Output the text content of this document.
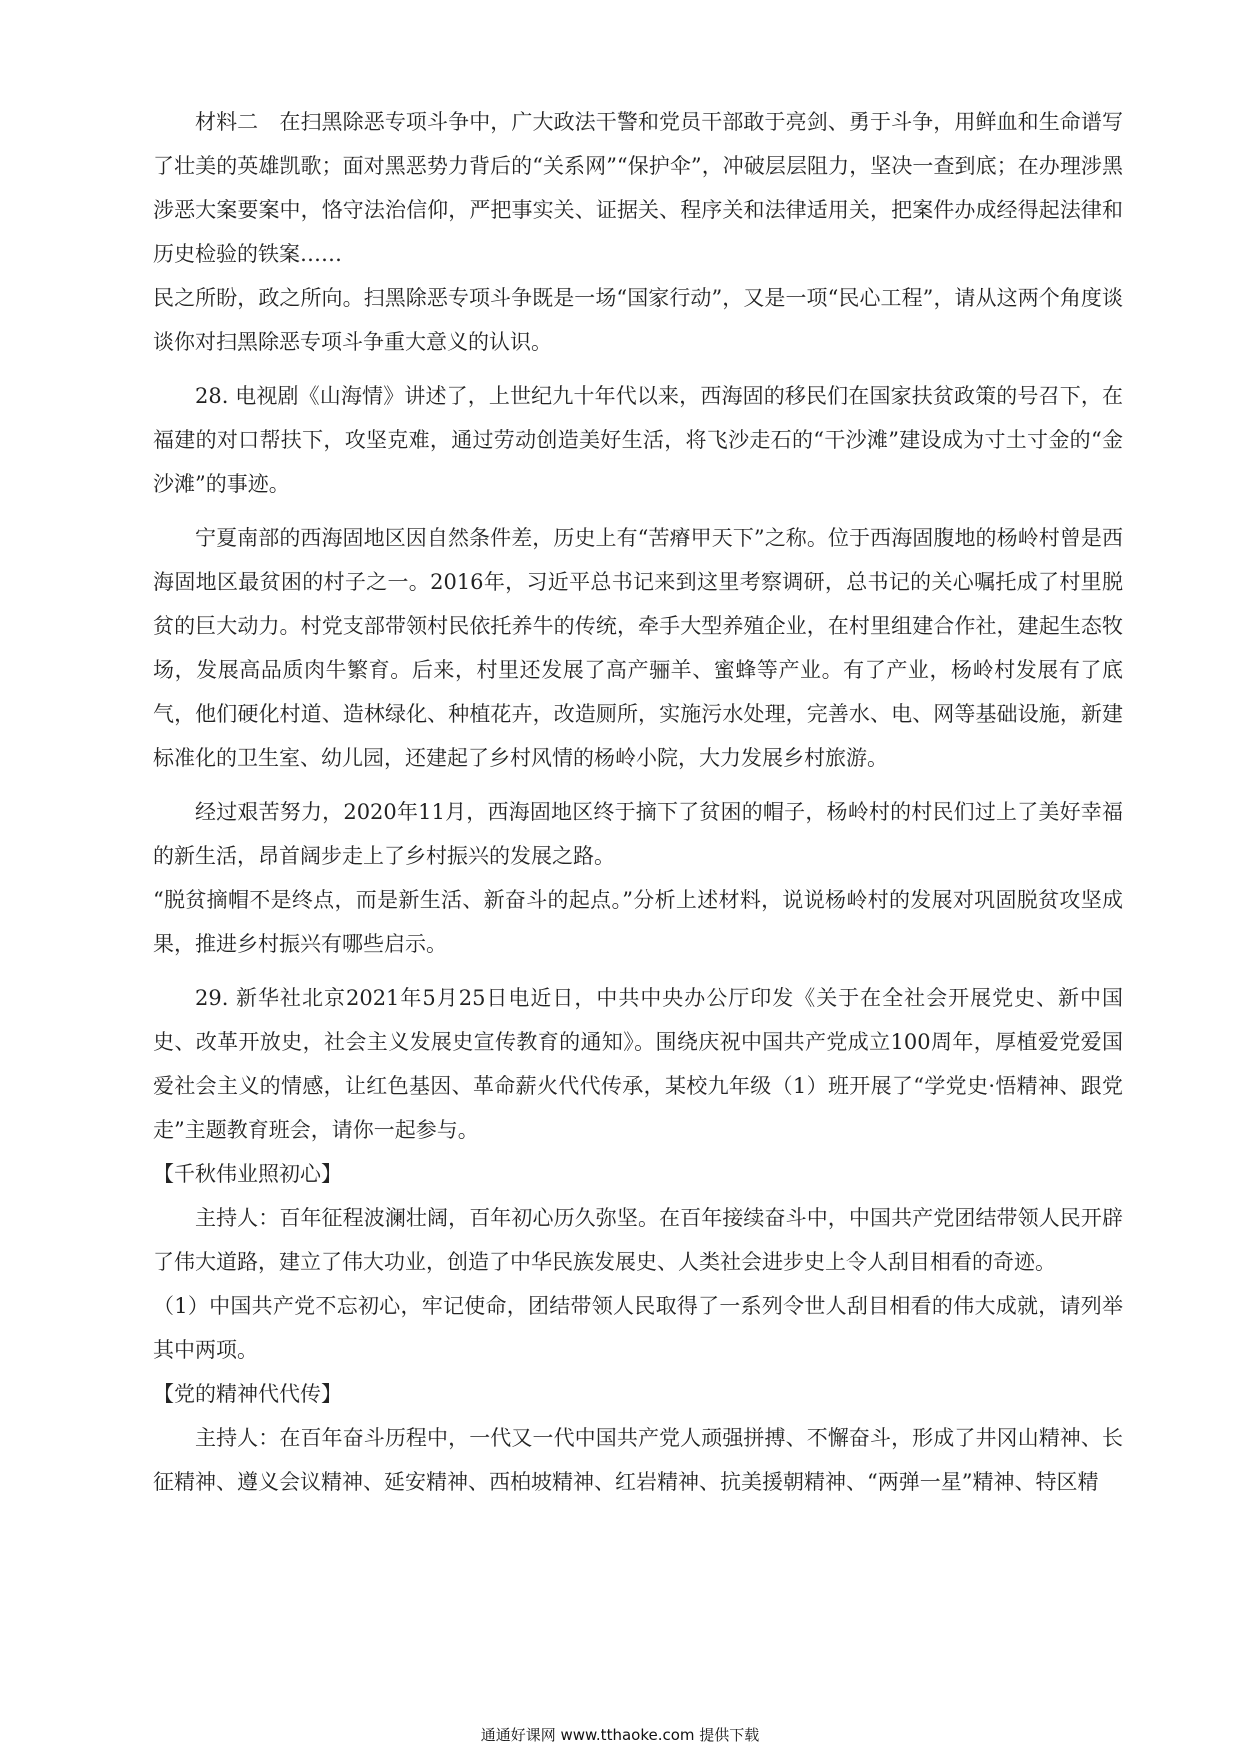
材料二　在扫黑除恶专项斗争中，广大政法干警和党员干部敢于亮剑、勇于斗争，用鲜血和生命谱写了壮美的英雄凯歌；面对黑恶势力背后的“关系网”“保护伞”，冲破层层阻力，坚决一查到底；在办理涉黑涉恶大案要案中，恪守法治信仰，严把事实关、证据关、程序关和法律适用关，把案件办成经得起法律和历史检验的铁案……

民之所盼，政之所向。扫黑除恶专项斗争既是一场“国家行动”，又是一项“民心工程”，请从这两个角度谈谈你对扫黑除恶专项斗争重大意义的认识。

28. 电视剧《山海情》讲述了，上世纪九十年代以来，西海固的移民们在国家扶贫政策的号召下，在福建的对口帮扶下，攻坚克难，通过劳动创造美好生活，将飞沙走石的“干沙滩”建设成为寸土寸金的“金沙滩”的事迹。

宁夏南部的西海固地区因自然条件差，历史上有“苦瘠甲天下”之称。位于西海固腹地的杨岭村曾是西海固地区最贫困的村子之一。2016年，习近平总书记来到这里考察调研，总书记的关心嘱托成了村里脱贫的巨大动力。村党支部带领村民依托养牛的传统，牵手大型养殖企业，在村里组建合作社，建起生态牧场，发展高品质肉牛繁育。后来，村里还发展了高产骊羊、蜜蜂等产业。有了产业，杨岭村发展有了底气，他们硬化村道、造林绿化、种植花卉，改造厕所，实施污水处理，完善水、电、网等基础设施，新建标准化的卫生室、幼儿园，还建起了乡村风情的杨岭小院，大力发展乡村旅游。

经过艰苦努力，2020年11月，西海固地区终于摘下了贫困的帽子，杨岭村的村民们过上了美好幸福的新生活，昂首阔步走上了乡村振兴的发展之路。

“脱贫摘帽不是终点，而是新生活、新奋斗的起点。”分析上述材料，说说杨岭村的发展对巩固脱贫攻坚成果，推进乡村振兴有哪些启示。

29. 新华社北京2021年5月25日电近日，中共中央办公厅印发《关于在全社会开展党史、新中国史、改革开放史，社会主义发展史宣传教育的通知》。围绕庆祝中国共产党成立100周年，厚植爱党爱国爱社会主义的情感，让红色基因、革命薪火代代传承，某校九年级（1）班开展了“学党史·悟精神、跟党走”主题教育班会，请你一起参与。

【千秋伟业照初心】

主持人：百年征程波澜壮阔，百年初心历久弥坚。在百年接续奋斗中，中国共产党团结带领人民开辟了伟大道路，建立了伟大功业，创造了中华民族发展史、人类社会进步史上令人刮目相看的奇迹。

（1）中国共产党不忘初心，牢记使命，团结带领人民取得了一系列令世人刮目相看的伟大成就，请列举其中两项。

【党的精神代代传】

主持人：在百年奋斗历程中，一代又一代中国共产党人顽强拼搏、不懈奋斗，形成了井冈山精神、长征精神、遵义会议精神、延安精神、西柏坡精神、红岩精神、抗美援朝精神、“两弹一星”精神、特区精

通通好课网 www.tthaoke.com 提供下载
